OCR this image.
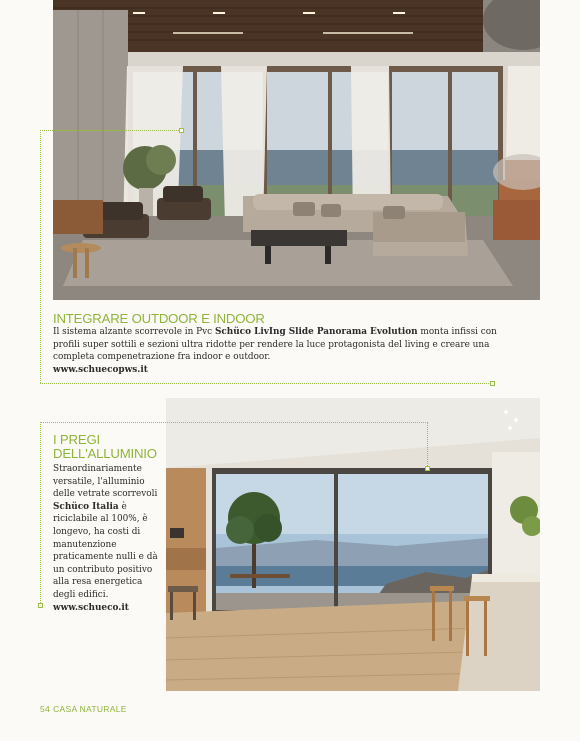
INTEGRARE OUTDOOR E INDOOR

Il sistema alzante scorrevole in Pvc Schüco LivIng Slide Panorama Evolution monta infissi con profili super sottili e sezioni ultra ridotte per rendere la luce protagonista del living e creare una completa compenetrazione fra indoor e outdoor.
www.schuecopws.it

I PREGI
DELL'ALLUMINIO

Straordinariamente versatile, l'alluminio delle vetrate scorrevoli Schüco Italia è riciclabile al 100%, è longevo, ha costi di manutenzione praticamente nulli e dà un contributo positivo alla resa energetica degli edifici.
www.schueco.it

54 CASA NATURALE
